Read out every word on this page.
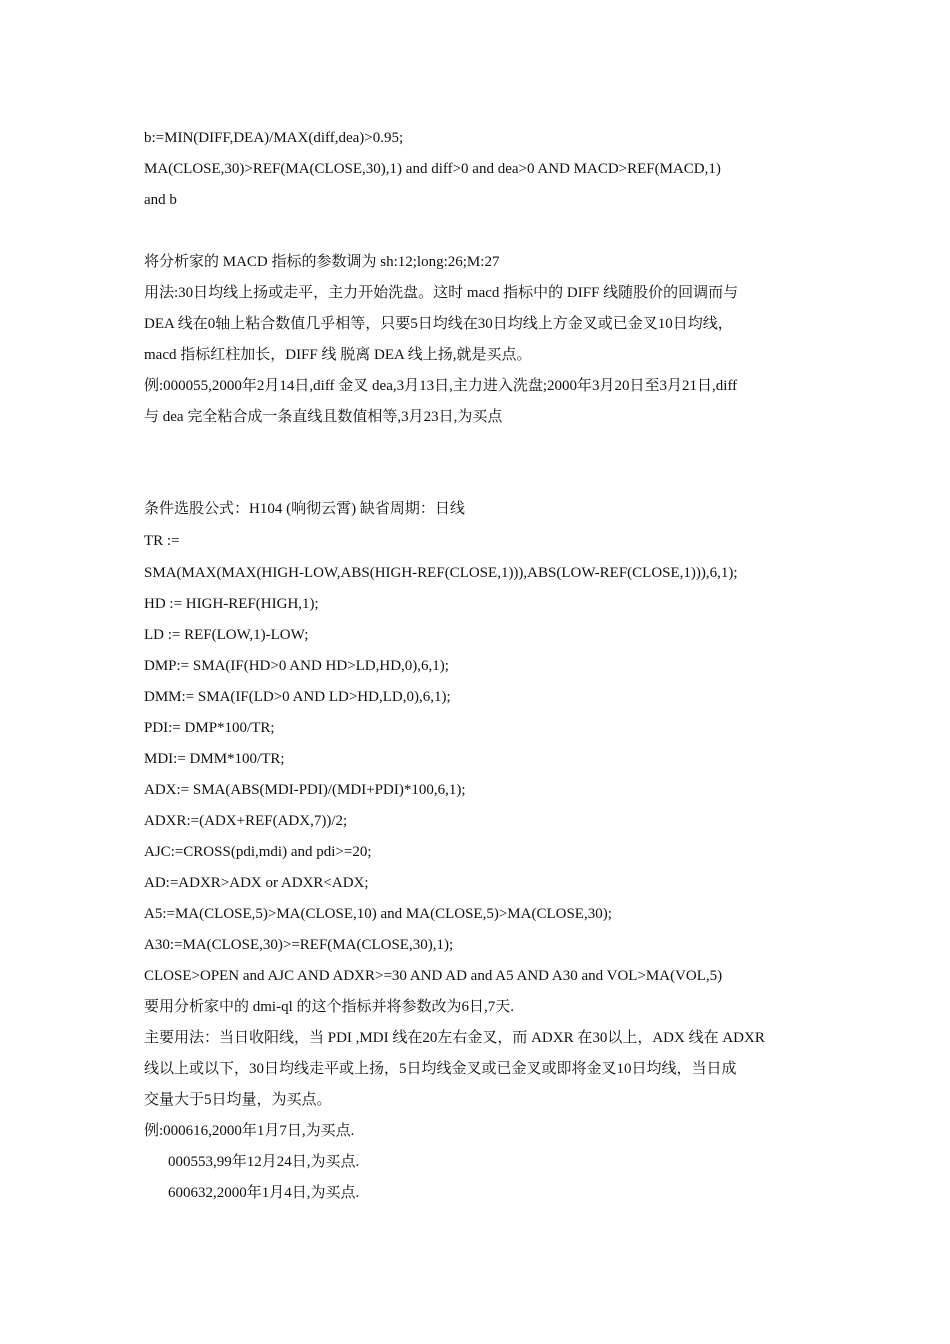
b:=MIN(DIFF,DEA)/MAX(diff,dea)>0.95;
MA(CLOSE,30)>REF(MA(CLOSE,30),1) and diff>0 and dea>0 AND MACD>REF(MACD,1)
and b
将分析家的 MACD 指标的参数调为 sh:12;long:26;M:27
用法:30日均线上扬或走平，主力开始洗盘。这时 macd 指标中的 DIFF 线随股价的回调而与
DEA 线在0轴上粘合数值几乎相等，只要5日均线在30日均线上方金叉或已金叉10日均线，
macd 指标红柱加长，DIFF 线 脱离 DEA 线上扬,就是买点。
例:000055,2000年2月14日,diff 金叉 dea,3月13日,主力进入洗盘;2000年3月20日至3月21日,diff
与 dea 完全粘合成一条直线且数值相等,3月23日,为买点
条件选股公式：H104 (响彻云霄) 缺省周期：日线
TR :=
SMA(MAX(MAX(HIGH-LOW,ABS(HIGH-REF(CLOSE,1))),ABS(LOW-REF(CLOSE,1))),6,1);
HD := HIGH-REF(HIGH,1);
LD := REF(LOW,1)-LOW;
DMP:= SMA(IF(HD>0 AND HD>LD,HD,0),6,1);
DMM:= SMA(IF(LD>0 AND LD>HD,LD,0),6,1);
PDI:= DMP*100/TR;
MDI:= DMM*100/TR;
ADX:= SMA(ABS(MDI-PDI)/(MDI+PDI)*100,6,1);
ADXR:=(ADX+REF(ADX,7))/2;
AJC:=CROSS(pdi,mdi) and pdi>=20;
AD:=ADXR>ADX or ADXR<ADX;
A5:=MA(CLOSE,5)>MA(CLOSE,10) and MA(CLOSE,5)>MA(CLOSE,30);
A30:=MA(CLOSE,30)>=REF(MA(CLOSE,30),1);
CLOSE>OPEN and AJC AND ADXR>=30 AND AD and A5 AND A30 and VOL>MA(VOL,5)
要用分析家中的 dmi-ql 的这个指标并将参数改为6日,7天.
主要用法：当日收阳线，当 PDI ,MDI 线在20左右金叉，而 ADXR 在30以上，ADX 线在 ADXR
线以上或以下，30日均线走平或上扬，5日均线金叉或已金叉或即将金叉10日均线，当日成
交量大于5日均量，为买点。
例:000616,2000年1月7日,为买点.
000553,99年12月24日,为买点.
600632,2000年1月4日,为买点.
